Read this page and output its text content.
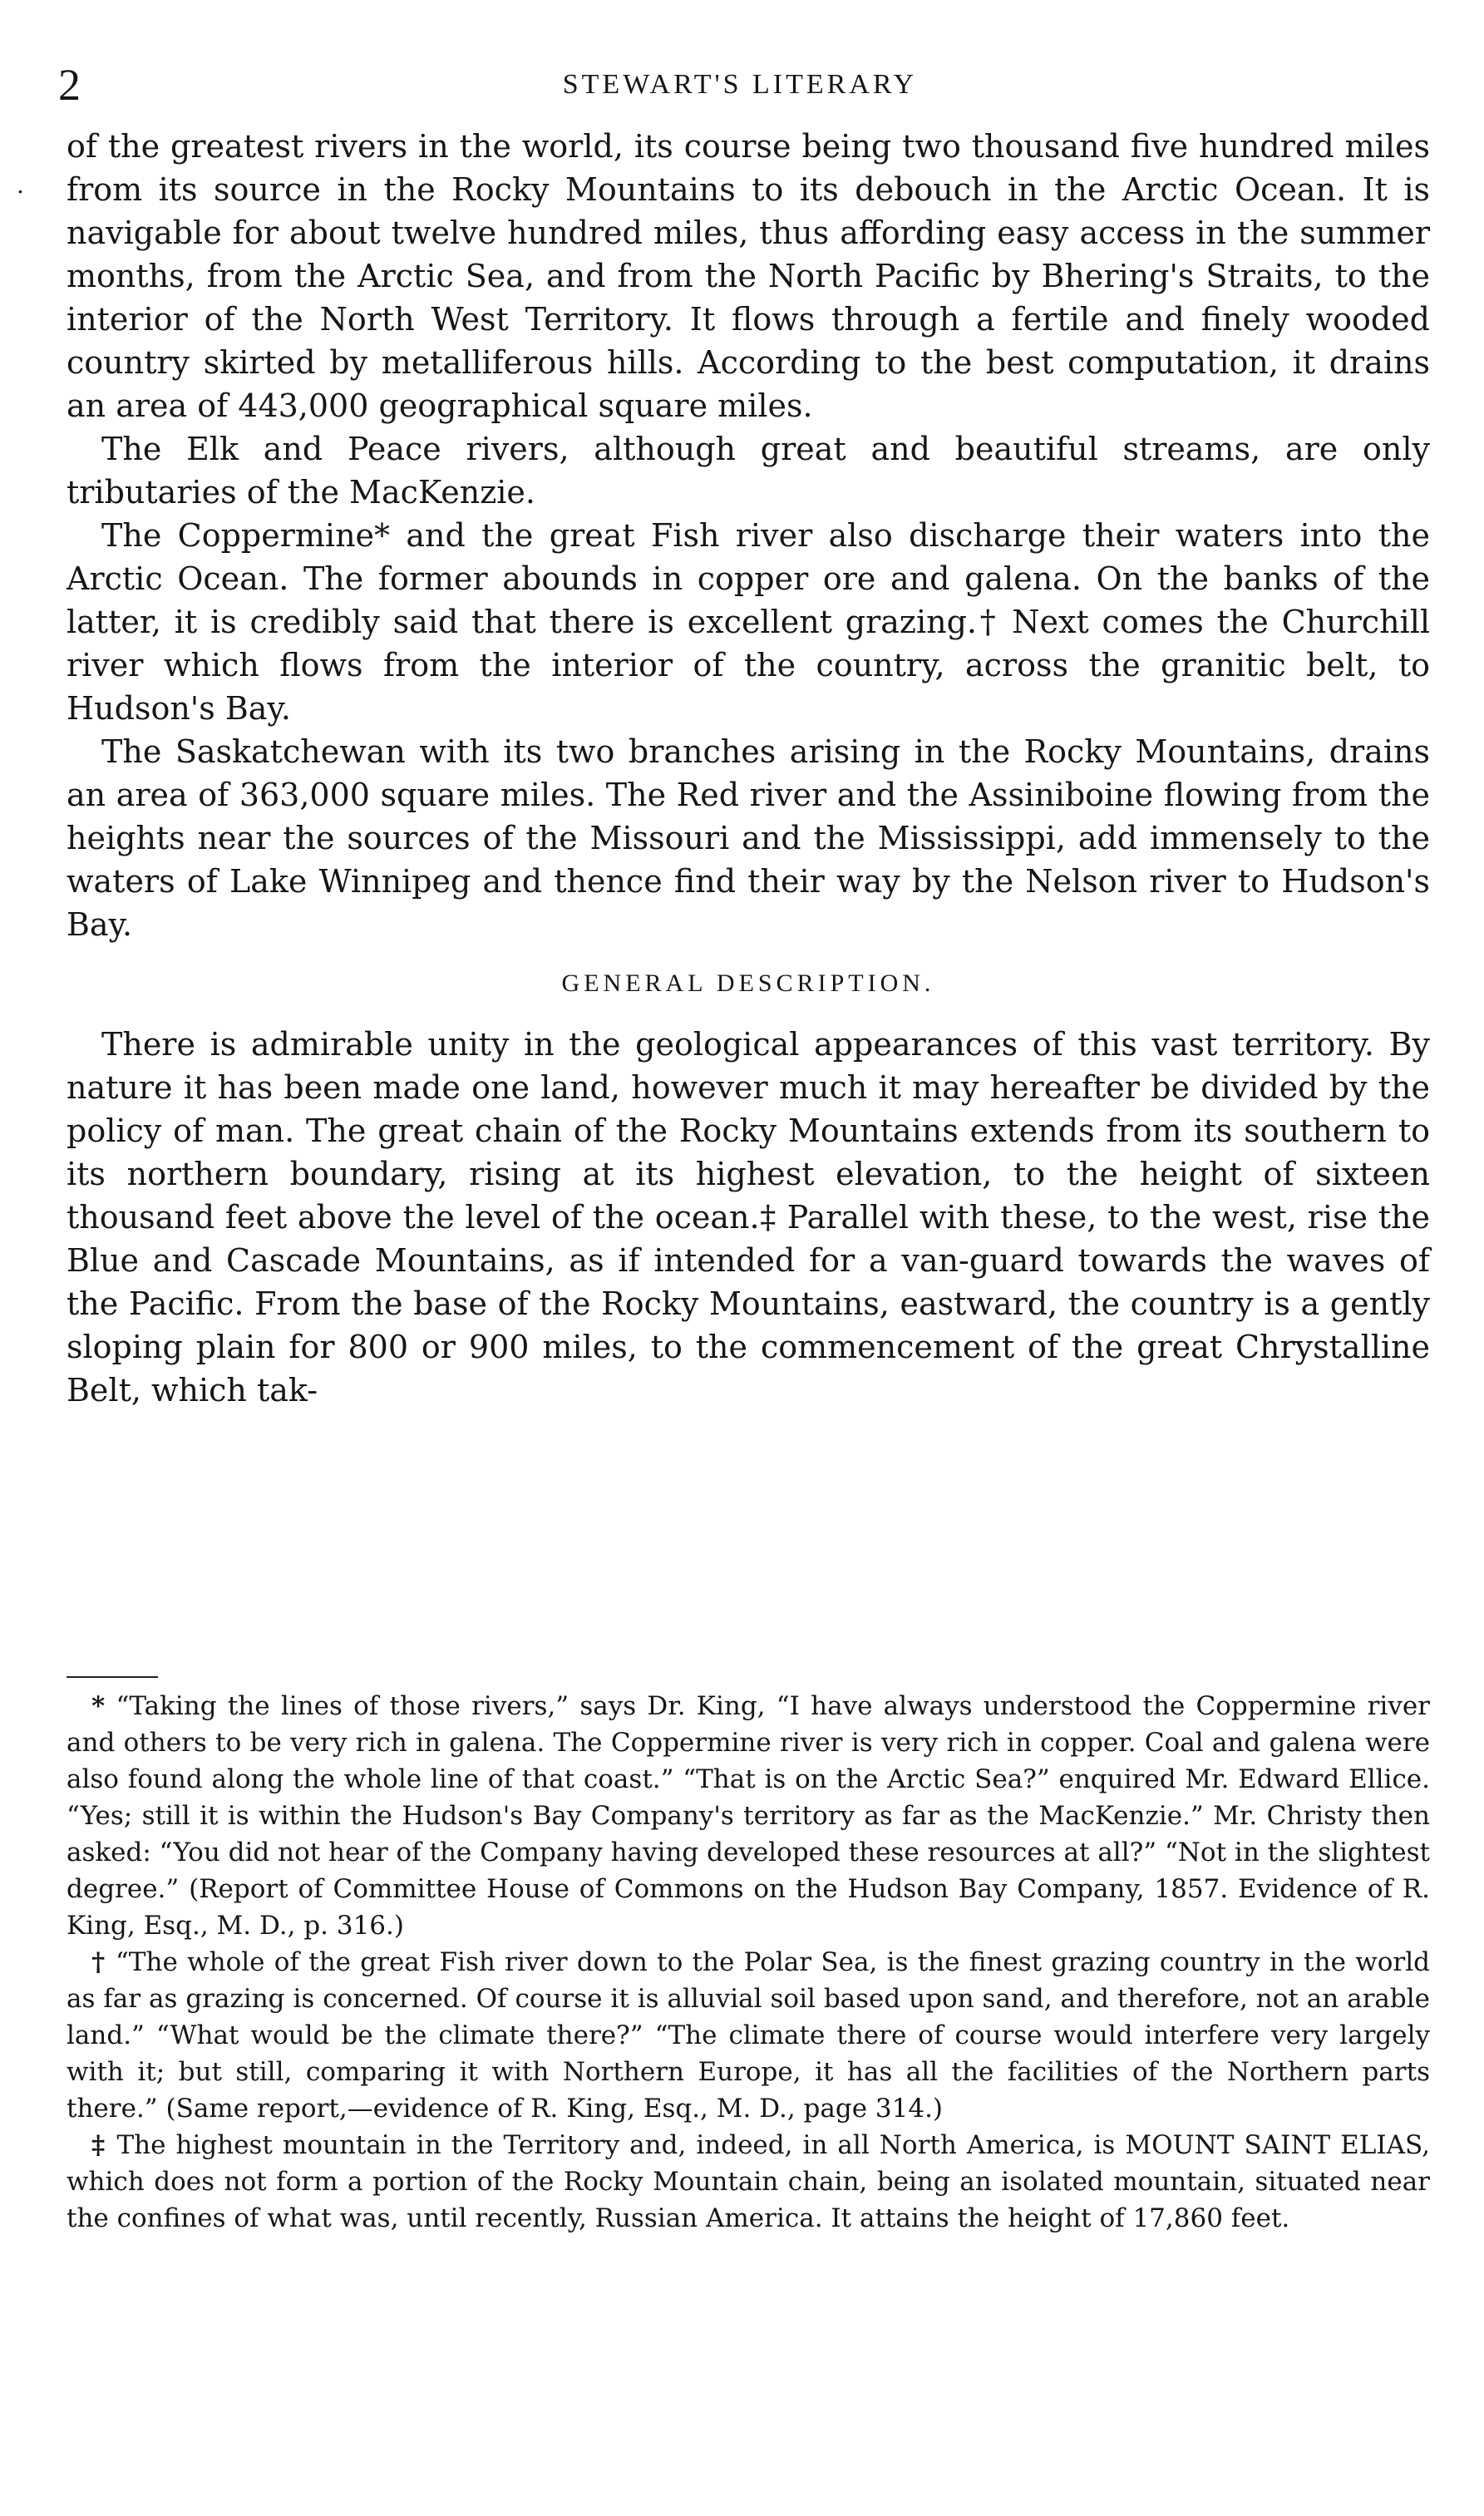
2	STEWART'S LITERARY
.

of the greatest rivers in the world, its course being two thousand five hundred miles from its source in the Rocky Mountains to its debouch in the Arctic Ocean. It is navigable for about twelve hundred miles, thus affording easy access in the summer months, from the Arctic Sea, and from the North Pacific by Bhering's Straits, to the interior of the North West Territory. It flows through a fertile and finely wooded country skirted by metalliferous hills. According to the best computation, it drains an area of 443,000 geographical square miles.

The Elk and Peace rivers, although great and beautiful streams, are only tributaries of the MacKenzie.

The Coppermine* and the great Fish river also discharge their waters into the Arctic Ocean. The former abounds in copper ore and galena. On the banks of the latter, it is credibly said that there is excellent grazing.† Next comes the Churchill river which flows from the interior of the country, across the granitic belt, to Hudson's Bay.

The Saskatchewan with its two branches arising in the Rocky Mountains, drains an area of 363,000 square miles. The Red river and the Assiniboine flowing from the heights near the sources of the Missouri and the Mississippi, add immensely to the waters of Lake Winnipeg and thence find their way by the Nelson river to Hudson's Bay.

GENERAL DESCRIPTION.

There is admirable unity in the geological appearances of this vast territory. By nature it has been made one land, however much it may hereafter be divided by the policy of man. The great chain of the Rocky Mountains extends from its southern to its northern boundary, rising at its highest elevation, to the height of sixteen thousand feet above the level of the ocean.‡ Parallel with these, to the west, rise the Blue and Cascade Mountains, as if intended for a van-guard towards the waves of the Pacific. From the base of the Rocky Mountains, eastward, the country is a gently sloping plain for 800 or 900 miles, to the commencement of the great Chrystalline Belt, which tak-

* “Taking the lines of those rivers,” says Dr. King, “I have always understood the Coppermine river and others to be very rich in galena. The Coppermine river is very rich in copper. Coal and galena were also found along the whole line of that coast.” “That is on the Arctic Sea?” enquired Mr. Edward Ellice. “Yes; still it is within the Hudson's Bay Company's territory as far as the MacKenzie.” Mr. Christy then asked: “You did not hear of the Company having developed these resources at all?” “Not in the slightest degree.” (Report of Committee House of Commons on the Hudson Bay Company, 1857. Evidence of R. King, Esq., M. D., p. 316.)

† “The whole of the great Fish river down to the Polar Sea, is the finest grazing country in the world as far as grazing is concerned. Of course it is alluvial soil based upon sand, and therefore, not an arable land.” “What would be the climate there?” “The climate there of course would interfere very largely with it; but still, comparing it with Northern Europe, it has all the facilities of the Northern parts there.” (Same report,—evidence of R. King, Esq., M. D., page 314.)

‡ The highest mountain in the Territory and, indeed, in all North America, is MOUNT SAINT ELIAS, which does not form a portion of the Rocky Mountain chain, being an isolated mountain, situated near the confines of what was, until recently, Russian America. It attains the height of 17,860 feet.
